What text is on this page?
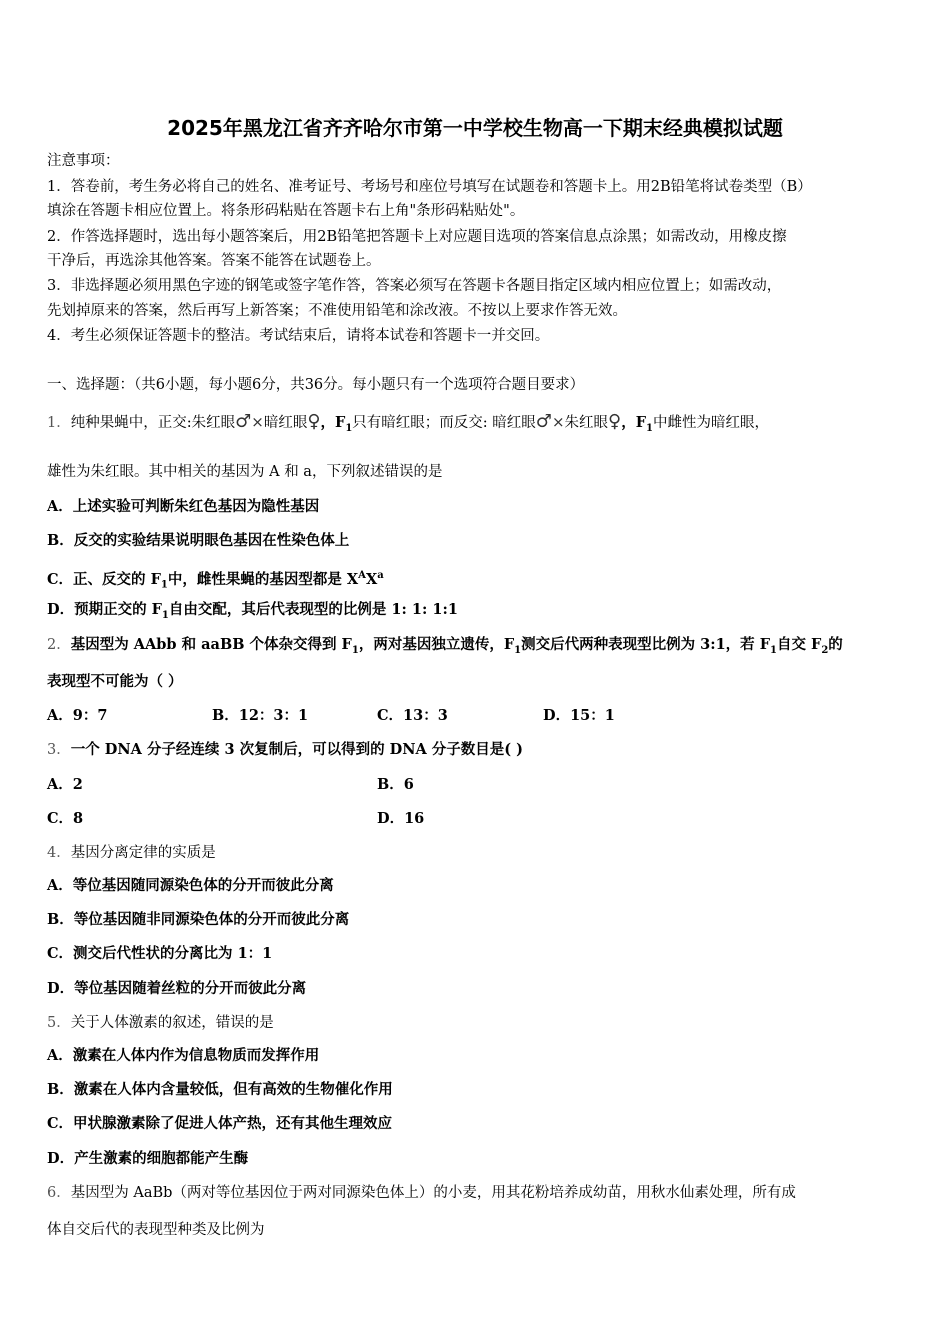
2025年黑龙江省齐齐哈尔市第一中学校生物高一下期末经典模拟试题
注意事项：
1．答卷前，考生务必将自己的姓名、准考证号、考场号和座位号填写在试题卷和答题卡上。用2B铅笔将试卷类型（B）
填涂在答题卡相应位置上。将条形码粘贴在答题卡右上角"条形码粘贴处"。
2．作答选择题时，选出每小题答案后，用2B铅笔把答题卡上对应题目选项的答案信息点涂黑；如需改动，用橡皮擦
干净后，再选涂其他答案。答案不能答在试题卷上。
3．非选择题必须用黑色字迹的钢笔或签字笔作答，答案必须写在答题卡各题目指定区域内相应位置上；如需改动，
先划掉原来的答案，然后再写上新答案；不准使用铅笔和涂改液。不按以上要求作答无效。
4．考生必须保证答题卡的整洁。考试结束后，请将本试卷和答题卡一并交回。
一、选择题：（共6小题，每小题6分，共36分。每小题只有一个选项符合题目要求）
1．纯种果蝇中，正交:朱红眼♂×暗红眼♀，$F_1$只有暗红眼；而反交: 暗红眼♂×朱红眼♀，$F_1$中雌性为暗红眼，
雄性为朱红眼。其中相关的基因为 A 和 a，下列叙述错误的是
A．上述实验可判断朱红色基因为隐性基因
B．反交的实验结果说明眼色基因在性染色体上
C．正、反交的 $F_1$中，雌性果蝇的基因型都是 $X^AX^a$
D．预期正交的 $F_1$自由交配，其后代表现型的比例是 1: 1: 1:1
2．基因型为 AAbb 和 aaBB 个体杂交得到 $F_1$，两对基因独立遗传，$F_1$测交后代两种表现型比例为 3:1，若 $F_1$自交 $F_2$的
表现型不可能为（ ）
A．9：7	B．12：3：1	C．13：3	D．15：1
3．一个 DNA 分子经连续 3 次复制后，可以得到的 DNA 分子数目是( )
A．2	B．6
C．8	D．16
4．基因分离定律的实质是
A．等位基因随同源染色体的分开而彼此分离
B．等位基因随非同源染色体的分开而彼此分离
C．测交后代性状的分离比为 1：1
D．等位基因随着丝粒的分开而彼此分离
5．关于人体激素的叙述，错误的是
A．激素在人体内作为信息物质而发挥作用
B．激素在人体内含量较低，但有高效的生物催化作用
C．甲状腺激素除了促进人体产热，还有其他生理效应
D．产生激素的细胞都能产生酶
6．基因型为 AaBb（两对等位基因位于两对同源染色体上）的小麦，用其花粉培养成幼苗，用秋水仙素处理，所有成
体自交后代的表现型种类及比例为
